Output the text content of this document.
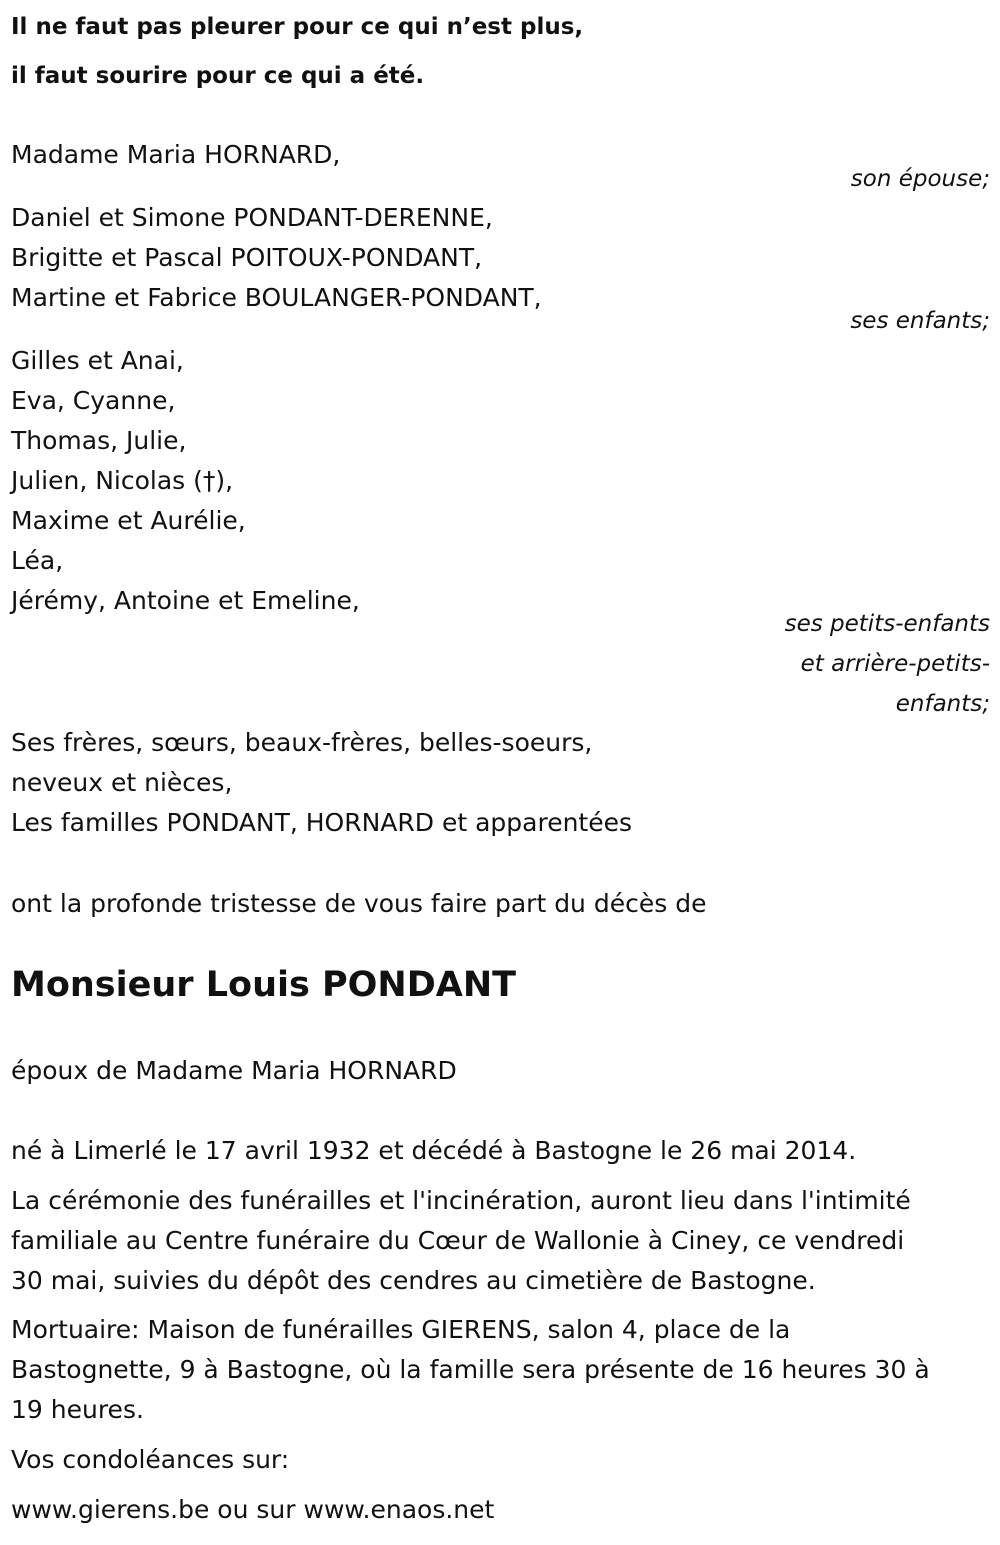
Il ne faut pas pleurer pour ce qui n’est plus,

il faut sourire pour ce qui a été.

Madame Maria HORNARD,

son épouse;

Daniel et Simone PONDANT-DERENNE,

Brigitte et Pascal POITOUX-PONDANT,

Martine et Fabrice BOULANGER-PONDANT,

ses enfants;

Gilles et Anai,

Eva, Cyanne,

Thomas, Julie,

Julien, Nicolas (†),

Maxime et Aurélie,

Léa,

Jérémy, Antoine et Emeline,

ses petits-enfants

et arrière-petits-

enfants;

Ses frères, sœurs, beaux-frères, belles-soeurs,

neveux et nièces,

Les familles PONDANT, HORNARD et apparentées

ont la profonde tristesse de vous faire part du décès de

Monsieur Louis PONDANT

époux de Madame Maria HORNARD

né à Limerlé le 17 avril 1932 et décédé à Bastogne le 26 mai 2014.

La cérémonie des funérailles et l'incinération, auront lieu dans l'intimité

familiale au Centre funéraire du Cœur de Wallonie à Ciney, ce vendredi

30 mai, suivies du dépôt des cendres au cimetière de Bastogne.

Mortuaire: Maison de funérailles GIERENS, salon 4, place de la

Bastognette, 9 à Bastogne, où la famille sera présente de 16 heures 30 à

19 heures.

Vos condoléances sur:

www.gierens.be ou sur www.enaos.net
